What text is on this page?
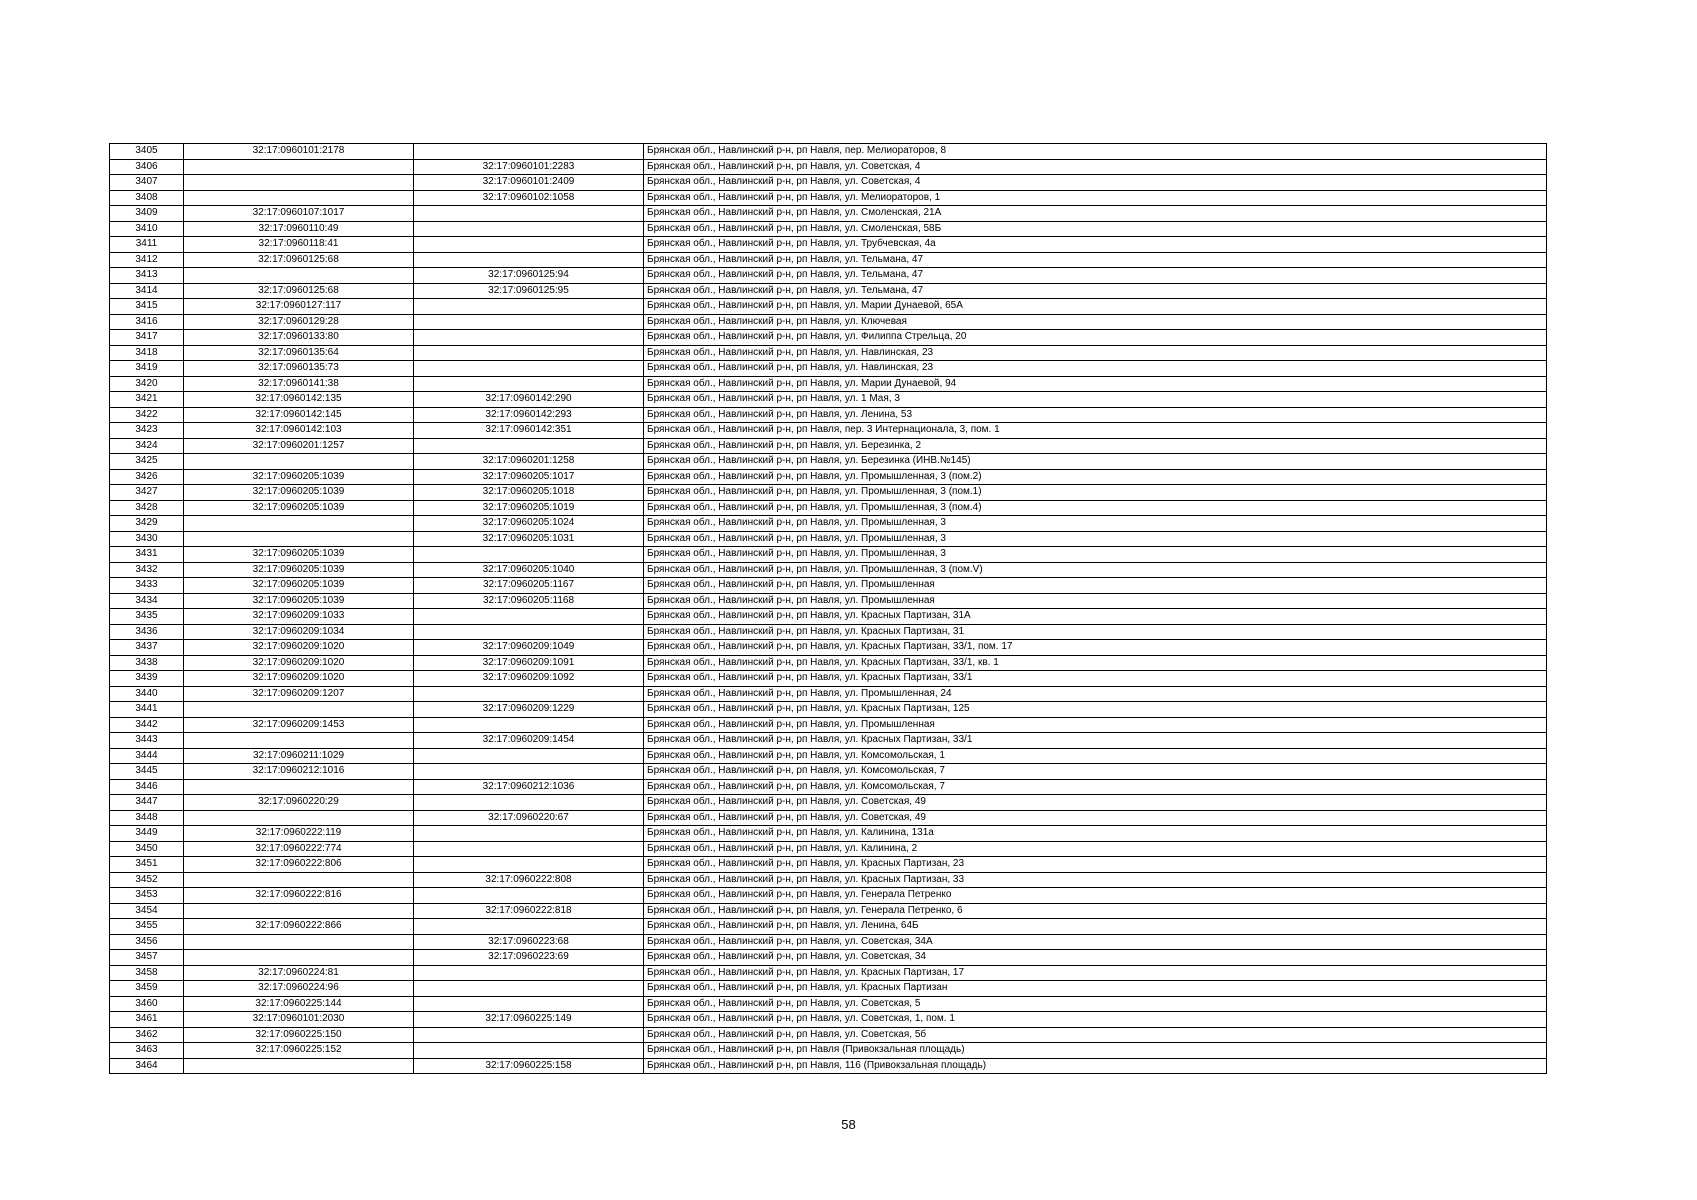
3405	32:17:0960101:2178		Брянская обл., Навлинский р-н, рп Навля, пер. Мелиораторов, 8
3406		32:17:0960101:2283	Брянская обл., Навлинский р-н, рп Навля, ул. Советская, 4
3407		32:17:0960101:2409	Брянская обл., Навлинский р-н, рп Навля, ул. Советская, 4
3408		32:17:0960102:1058	Брянская обл., Навлинский р-н, рп Навля, ул. Мелиораторов, 1
3409	32:17:0960107:1017		Брянская обл., Навлинский р-н, рп Навля, ул. Смоленская, 21А
3410	32:17:0960110:49		Брянская обл., Навлинский р-н, рп Навля, ул. Смоленская, 58Б
3411	32:17:0960118:41		Брянская обл., Навлинский р-н, рп Навля, ул. Трубчевская, 4а
3412	32:17:0960125:68		Брянская обл., Навлинский р-н, рп Навля, ул. Тельмана, 47
3413		32:17:0960125:94	Брянская обл., Навлинский р-н, рп Навля, ул. Тельмана, 47
3414	32:17:0960125:68	32:17:0960125:95	Брянская обл., Навлинский р-н, рп Навля, ул. Тельмана, 47
3415	32:17:0960127:117		Брянская обл., Навлинский р-н, рп Навля, ул. Марии Дунаевой, 65А
3416	32:17:0960129:28		Брянская обл., Навлинский р-н, рп Навля, ул. Ключевая
3417	32:17:0960133:80		Брянская обл., Навлинский р-н, рп Навля, ул. Филиппа Стрельца, 20
3418	32:17:0960135:64		Брянская обл., Навлинский р-н, рп Навля, ул. Навлинская, 23
3419	32:17:0960135:73		Брянская обл., Навлинский р-н, рп Навля, ул. Навлинская, 23
3420	32:17:0960141:38		Брянская обл., Навлинский р-н, рп Навля, ул. Марии Дунаевой, 94
3421	32:17:0960142:135	32:17:0960142:290	Брянская обл., Навлинский р-н, рп Навля, ул. 1 Мая, 3
3422	32:17:0960142:145	32:17:0960142:293	Брянская обл., Навлинский р-н, рп Навля, ул. Ленина, 53
3423	32:17:0960142:103	32:17:0960142:351	Брянская обл., Навлинский р-н, рп Навля, пер. 3 Интернационала, 3, пом. 1
3424	32:17:0960201:1257		Брянская обл., Навлинский р-н, рп Навля, ул. Березинка, 2
3425		32:17:0960201:1258	Брянская обл., Навлинский р-н, рп Навля, ул. Березинка (ИНВ.№145)
3426	32:17:0960205:1039	32:17:0960205:1017	Брянская обл., Навлинский р-н, рп Навля, ул. Промышленная, 3 (пом.2)
3427	32:17:0960205:1039	32:17:0960205:1018	Брянская обл., Навлинский р-н, рп Навля, ул. Промышленная, 3 (пом.1)
3428	32:17:0960205:1039	32:17:0960205:1019	Брянская обл., Навлинский р-н, рп Навля, ул. Промышленная, 3 (пом.4)
3429		32:17:0960205:1024	Брянская обл., Навлинский р-н, рп Навля, ул. Промышленная, 3
3430		32:17:0960205:1031	Брянская обл., Навлинский р-н, рп Навля, ул. Промышленная, 3
3431	32:17:0960205:1039		Брянская обл., Навлинский р-н, рп Навля, ул. Промышленная, 3
3432	32:17:0960205:1039	32:17:0960205:1040	Брянская обл., Навлинский р-н, рп Навля, ул. Промышленная, 3 (пом.V)
3433	32:17:0960205:1039	32:17:0960205:1167	Брянская обл., Навлинский р-н, рп Навля, ул. Промышленная
3434	32:17:0960205:1039	32:17:0960205:1168	Брянская обл., Навлинский р-н, рп Навля, ул. Промышленная
3435	32:17:0960209:1033		Брянская обл., Навлинский р-н, рп Навля, ул. Красных Партизан, 31А
3436	32:17:0960209:1034		Брянская обл., Навлинский р-н, рп Навля, ул. Красных Партизан, 31
3437	32:17:0960209:1020	32:17:0960209:1049	Брянская обл., Навлинский р-н, рп Навля, ул. Красных Партизан, 33/1, пом. 17
3438	32:17:0960209:1020	32:17:0960209:1091	Брянская обл., Навлинский р-н, рп Навля, ул. Красных Партизан, 33/1, кв. 1
3439	32:17:0960209:1020	32:17:0960209:1092	Брянская обл., Навлинский р-н, рп Навля, ул. Красных Партизан, 33/1
3440	32:17:0960209:1207		Брянская обл., Навлинский р-н, рп Навля, ул. Промышленная, 24
3441		32:17:0960209:1229	Брянская обл., Навлинский р-н, рп Навля, ул. Красных Партизан, 125
3442	32:17:0960209:1453		Брянская обл., Навлинский р-н, рп Навля, ул. Промышленная
3443		32:17:0960209:1454	Брянская обл., Навлинский р-н, рп Навля, ул. Красных Партизан, 33/1
3444	32:17:0960211:1029		Брянская обл., Навлинский р-н, рп Навля, ул. Комсомольская, 1
3445	32:17:0960212:1016		Брянская обл., Навлинский р-н, рп Навля, ул. Комсомольская, 7
3446		32:17:0960212:1036	Брянская обл., Навлинский р-н, рп Навля, ул. Комсомольская, 7
3447	32:17:0960220:29		Брянская обл., Навлинский р-н, рп Навля, ул. Советская, 49
3448		32:17:0960220:67	Брянская обл., Навлинский р-н, рп Навля, ул. Советская, 49
3449	32:17:0960222:119		Брянская обл., Навлинский р-н, рп Навля, ул. Калинина, 131а
3450	32:17:0960222:774		Брянская обл., Навлинский р-н, рп Навля, ул. Калинина, 2
3451	32:17:0960222:806		Брянская обл., Навлинский р-н, рп Навля, ул. Красных Партизан, 23
3452		32:17:0960222:808	Брянская обл., Навлинский р-н, рп Навля, ул. Красных Партизан, 33
3453	32:17:0960222:816		Брянская обл., Навлинский р-н, рп Навля, ул. Генерала Петренко
3454		32:17:0960222:818	Брянская обл., Навлинский р-н, рп Навля, ул. Генерала Петренко, 6
3455	32:17:0960222:866		Брянская обл., Навлинский р-н, рп Навля, ул. Ленина, 64Б
3456		32:17:0960223:68	Брянская обл., Навлинский р-н, рп Навля, ул. Советская, 34А
3457		32:17:0960223:69	Брянская обл., Навлинский р-н, рп Навля, ул. Советская, 34
3458	32:17:0960224:81		Брянская обл., Навлинский р-н, рп Навля, ул. Красных Партизан, 17
3459	32:17:0960224:96		Брянская обл., Навлинский р-н, рп Навля, ул. Красных Партизан
3460	32:17:0960225:144		Брянская обл., Навлинский р-н, рп Навля, ул. Советская, 5
3461	32:17:0960101:2030	32:17:0960225:149	Брянская обл., Навлинский р-н, рп Навля, ул. Советская, 1, пом. 1
3462	32:17:0960225:150		Брянская обл., Навлинский р-н, рп Навля, ул. Советская, 5б
3463	32:17:0960225:152		Брянская обл., Навлинский р-н, рп Навля (Привокзальная площадь)
3464		32:17:0960225:158	Брянская обл., Навлинский р-н, рп Навля, 116 (Привокзальная площадь)
58
